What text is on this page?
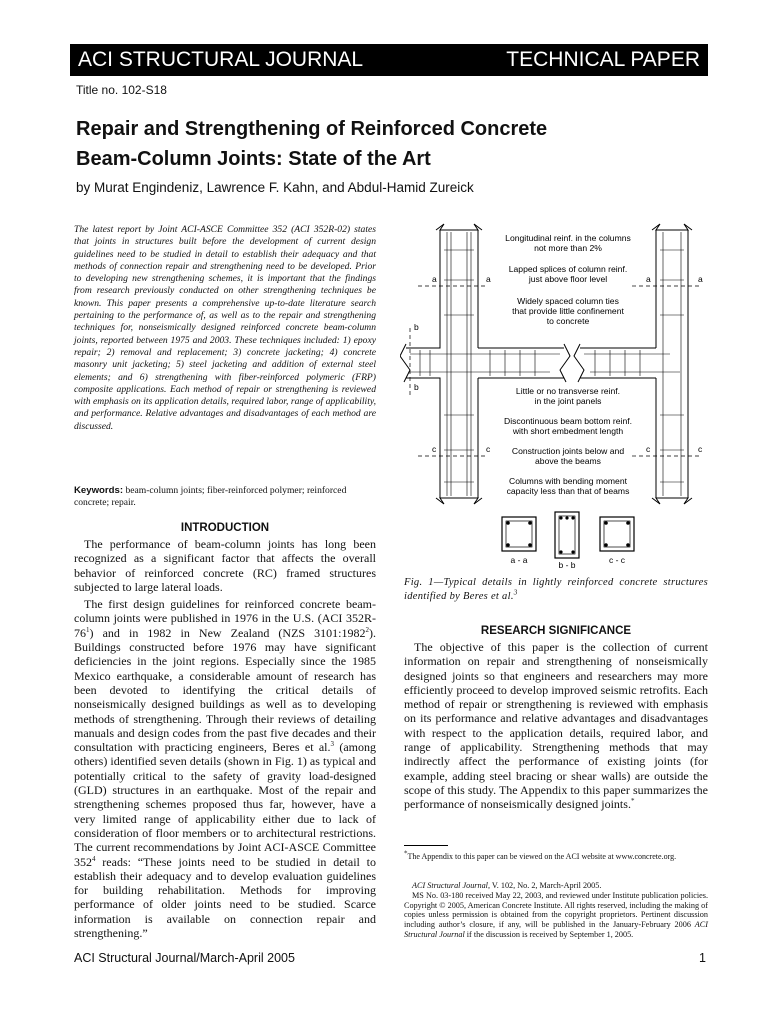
ACI STRUCTURAL JOURNAL	TECHNICAL PAPER
Title no. 102-S18
Repair and Strengthening of Reinforced Concrete
Beam-Column Joints: State of the Art
by Murat Engindeniz, Lawrence F. Kahn, and Abdul-Hamid Zureick
The latest report by Joint ACI-ASCE Committee 352 (ACI 352R-02) states that joints in structures built before the development of current design guidelines need to be studied in detail to establish their adequacy and that methods of connection repair and strengthening need to be developed. Prior to developing new strengthening schemes, it is important that the findings from research previously conducted on other strengthening techniques be known. This paper presents a comprehensive up-to-date literature search pertaining to the performance of, as well as to the repair and strengthening techniques for, nonseismically designed reinforced concrete beam-column joints, reported between 1975 and 2003. These techniques included: 1) epoxy repair; 2) removal and replacement; 3) concrete jacketing; 4) concrete masonry unit jacketing; 5) steel jacketing and addition of external steel elements; and 6) strengthening with fiber-reinforced polymeric (FRP) composite applications. Each method of repair or strengthening is reviewed with emphasis on its application details, required labor, range of applicability, and performance. Relative advantages and disadvantages of each method are discussed.
Keywords: beam-column joints; fiber-reinforced polymer; reinforced concrete; repair.
INTRODUCTION

The performance of beam-column joints has long been recognized as a significant factor that affects the overall behavior of reinforced concrete (RC) framed structures subjected to large lateral loads.

The first design guidelines for reinforced concrete beam-column joints were published in 1976 in the U.S. (ACI $352R-76^1$) and in 1982 in New Zealand (NZS 3101:1982$^2$). Buildings constructed before 1976 may have significant deficiencies in the joint regions. Especially since the 1985 Mexico earthquake, a considerable amount of research has been devoted to identifying the critical details of nonseismically designed buildings as well as to developing methods of strengthening. Through their reviews of detailing manuals and design codes from the past five decades and their consultation with practicing engineers, Beres et al.$^3$ (among others) identified seven details (shown in Fig. 1) as typical and potentially critical to the safety of gravity load-designed (GLD) structures in an earthquake. Most of the repair and strengthening schemes proposed thus far, however, have a very limited range of applicability either due to lack of consideration of floor members or to architectural restrictions. The current recommendations by Joint ACI-ASCE Committee $352^4$ reads: “These joints need to be studied in detail to establish their adequacy and to develop evaluation guidelines for building rehabilitation. Methods for improving performance of older joints need to be studied. Scarce information is available on connection repair and strengthening.”

a	a	a	a
b
b
c	c	c	c
Longitudinal reinf. in the columns
not more than 2%
Lapped splices of column reinf.
just above floor level
Widely spaced column ties
that provide little confinement
to concrete
Little or no transverse reinf.
in the joint panels
Discontinuous beam bottom reinf.
with short embedment length
Construction joints below and
above the beams
Columns with bending moment
capacity less than that of beams
a - a	b - b	c - c
Fig. 1—Typical details in lightly reinforced concrete structures identified by Beres et al.$^3$
RESEARCH SIGNIFICANCE

The objective of this paper is the collection of current information on repair and strengthening of nonseismically designed joints so that engineers and researchers may more efficiently proceed to develop improved seismic retrofits. Each method of repair or strengthening is reviewed with emphasis on its performance and relative advantages and disadvantages with respect to the application details, required labor, and range of applicability. Strengthening methods that may indirectly affect the performance of existing joints (for example, adding steel bracing or shear walls) are outside the scope of this study. The Appendix to this paper summarizes the performance of nonseismically designed joints.*

*The Appendix to this paper can be viewed on the ACI website at www.concrete.org.

ACI Structural Journal, V. 102, No. 2, March-April 2005.

MS No. 03-180 received May 22, 2003, and reviewed under Institute publication policies. Copyright © 2005, American Concrete Institute. All rights reserved, including the making of copies unless permission is obtained from the copyright proprietors. Pertinent discussion including author’s closure, if any, will be published in the January-February 2006 ACI Structural Journal if the discussion is received by September 1, 2005.

ACI Structural Journal/March-April 2005	1
